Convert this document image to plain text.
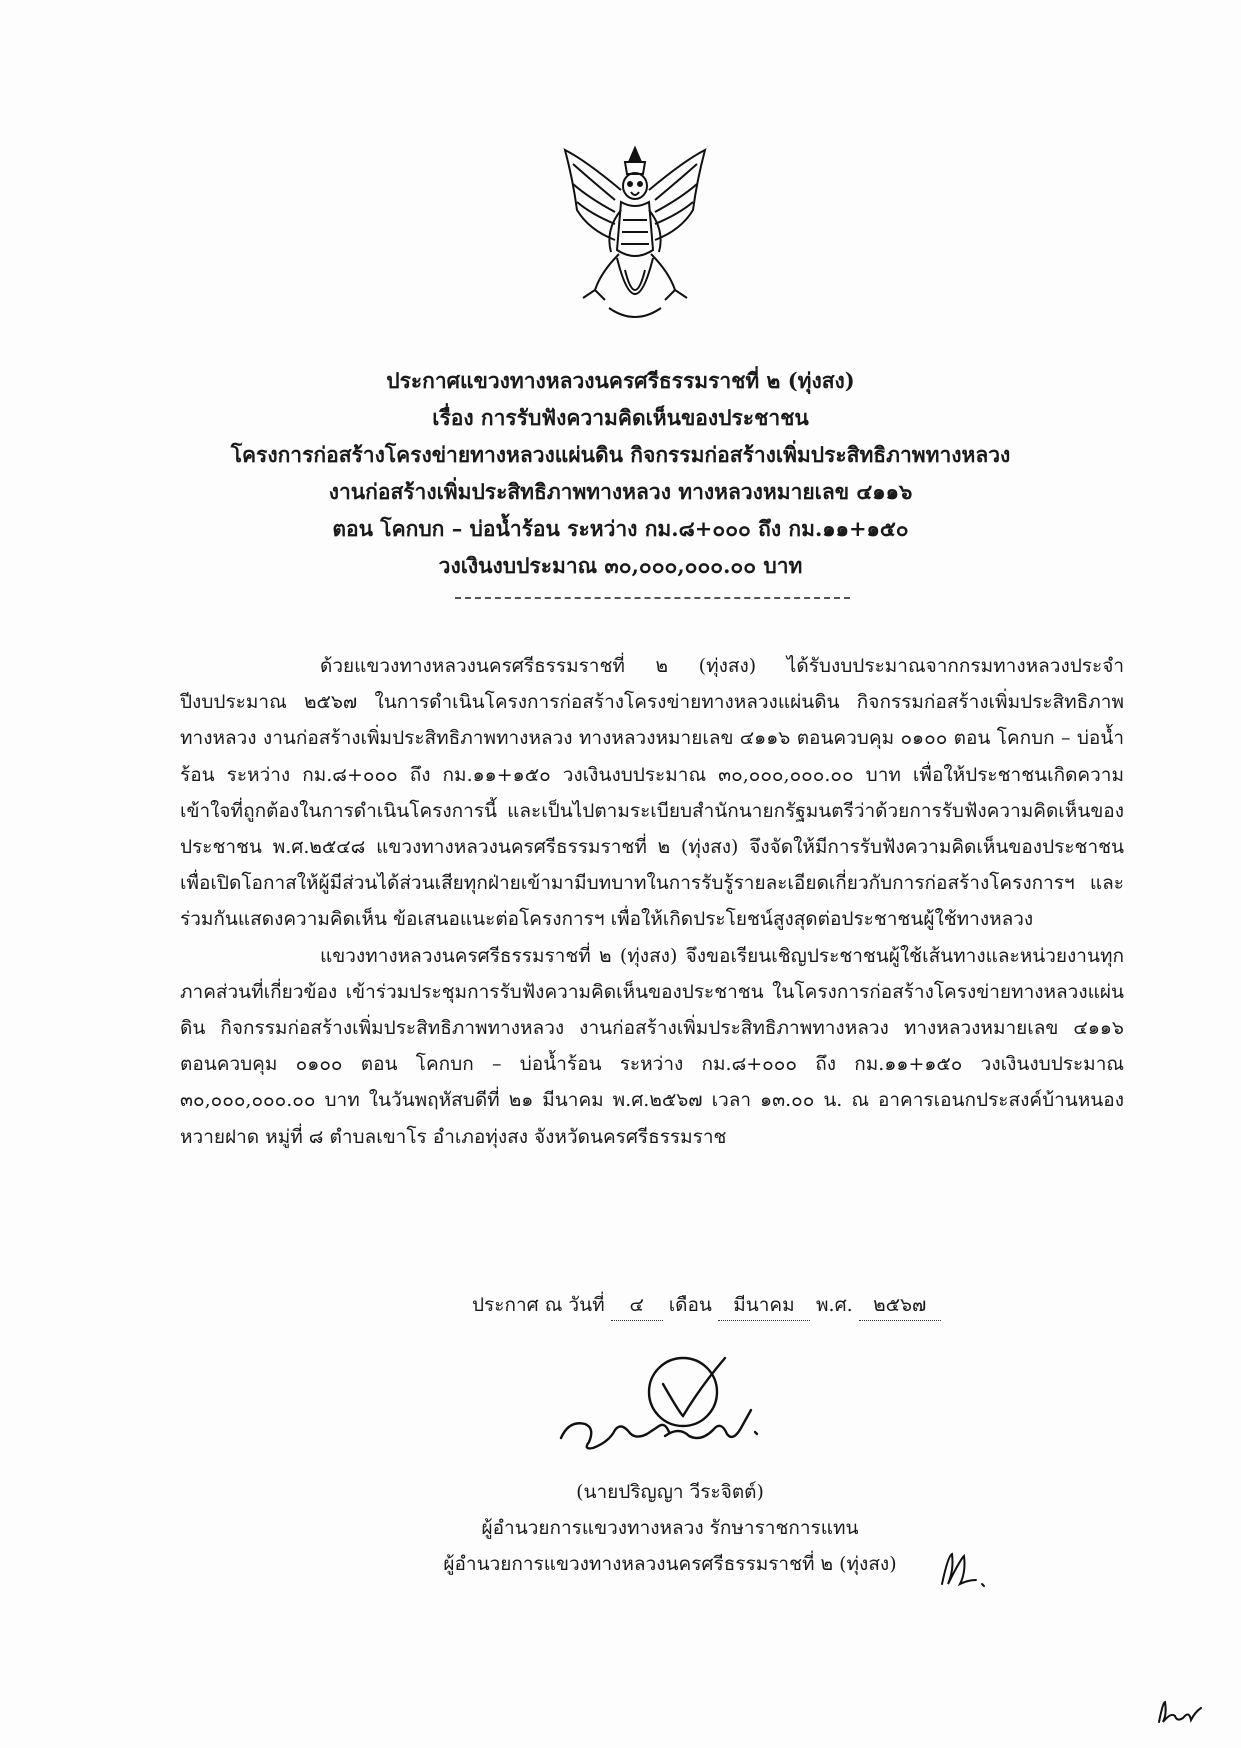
ประกาศแขวงทางหลวงนครศรีธรรมราชที่ ๒ (ทุ่งสง)
เรื่อง การรับฟังความคิดเห็นของประชาชน
โครงการก่อสร้างโครงข่ายทางหลวงแผ่นดิน กิจกรรมก่อสร้างเพิ่มประสิทธิภาพทางหลวง
งานก่อสร้างเพิ่มประสิทธิภาพทางหลวง ทางหลวงหมายเลข ๔๑๑๖
ตอน โคกบก – บ่อน้ำร้อน ระหว่าง กม.๘+๐๐๐ ถึง กม.๑๑+๑๕๐
วงเงินงบประมาณ ๓๐,๐๐๐,๐๐๐.๐๐ บาท

ด้วยแขวงทางหลวงนครศรีธรรมราชที่ ๒ (ทุ่งสง) ได้รับงบประมาณจากกรมทางหลวงประจำปีงบประมาณ ๒๕๖๗ ในการดำเนินโครงการก่อสร้างโครงข่ายทางหลวงแผ่นดิน กิจกรรมก่อสร้างเพิ่มประสิทธิภาพทางหลวง งานก่อสร้างเพิ่มประสิทธิภาพทางหลวง ทางหลวงหมายเลข ๔๑๑๖ ตอนควบคุม ๐๑๐๐ ตอน โคกบก – บ่อน้ำร้อน ระหว่าง กม.๘+๐๐๐ ถึง กม.๑๑+๑๕๐ วงเงินงบประมาณ ๓๐,๐๐๐,๐๐๐.๐๐ บาท เพื่อให้ประชาชนเกิดความเข้าใจที่ถูกต้องในการดำเนินโครงการนี้ และเป็นไปตามระเบียบสำนักนายกรัฐมนตรีว่าด้วยการรับฟังความคิดเห็นของประชาชน พ.ศ.๒๕๔๘ แขวงทางหลวงนครศรีธรรมราชที่ ๒ (ทุ่งสง) จึงจัดให้มีการรับฟังความคิดเห็นของประชาชน เพื่อเปิดโอกาสให้ผู้มีส่วนได้ส่วนเสียทุกฝ่ายเข้ามามีบทบาทในการรับรู้รายละเอียดเกี่ยวกับการก่อสร้างโครงการฯ และร่วมกันแสดงความคิดเห็น ข้อเสนอแนะต่อโครงการฯ เพื่อให้เกิดประโยชน์สูงสุดต่อประชาชนผู้ใช้ทางหลวง

แขวงทางหลวงนครศรีธรรมราชที่ ๒ (ทุ่งสง) จึงขอเรียนเชิญประชาชนผู้ใช้เส้นทางและหน่วยงานทุกภาคส่วนที่เกี่ยวข้อง เข้าร่วมประชุมการรับฟังความคิดเห็นของประชาชน ในโครงการก่อสร้างโครงข่ายทางหลวงแผ่นดิน กิจกรรมก่อสร้างเพิ่มประสิทธิภาพทางหลวง งานก่อสร้างเพิ่มประสิทธิภาพทางหลวง ทางหลวงหมายเลข ๔๑๑๖ ตอนควบคุม ๐๑๐๐ ตอน โคกบก – บ่อน้ำร้อน ระหว่าง กม.๘+๐๐๐ ถึง กม.๑๑+๑๕๐ วงเงินงบประมาณ ๓๐,๐๐๐,๐๐๐.๐๐ บาท ในวันพฤหัสบดีที่ ๒๑ มีนาคม พ.ศ.๒๕๖๗ เวลา ๑๓.๐๐ น. ณ อาคารเอนกประสงค์บ้านหนองหวายฝาด หมู่ที่ ๘ ตำบลเขาโร อำเภอทุ่งสง จังหวัดนครศรีธรรมราช

ประกาศ ณ วันที่ ๔ เดือน มีนาคม พ.ศ. ๒๕๖๗
(นายปริญญา วีระจิตต์)
ผู้อำนวยการแขวงทางหลวง รักษาราชการแทน
ผู้อำนวยการแขวงทางหลวงนครศรีธรรมราชที่ ๒ (ทุ่งสง)
